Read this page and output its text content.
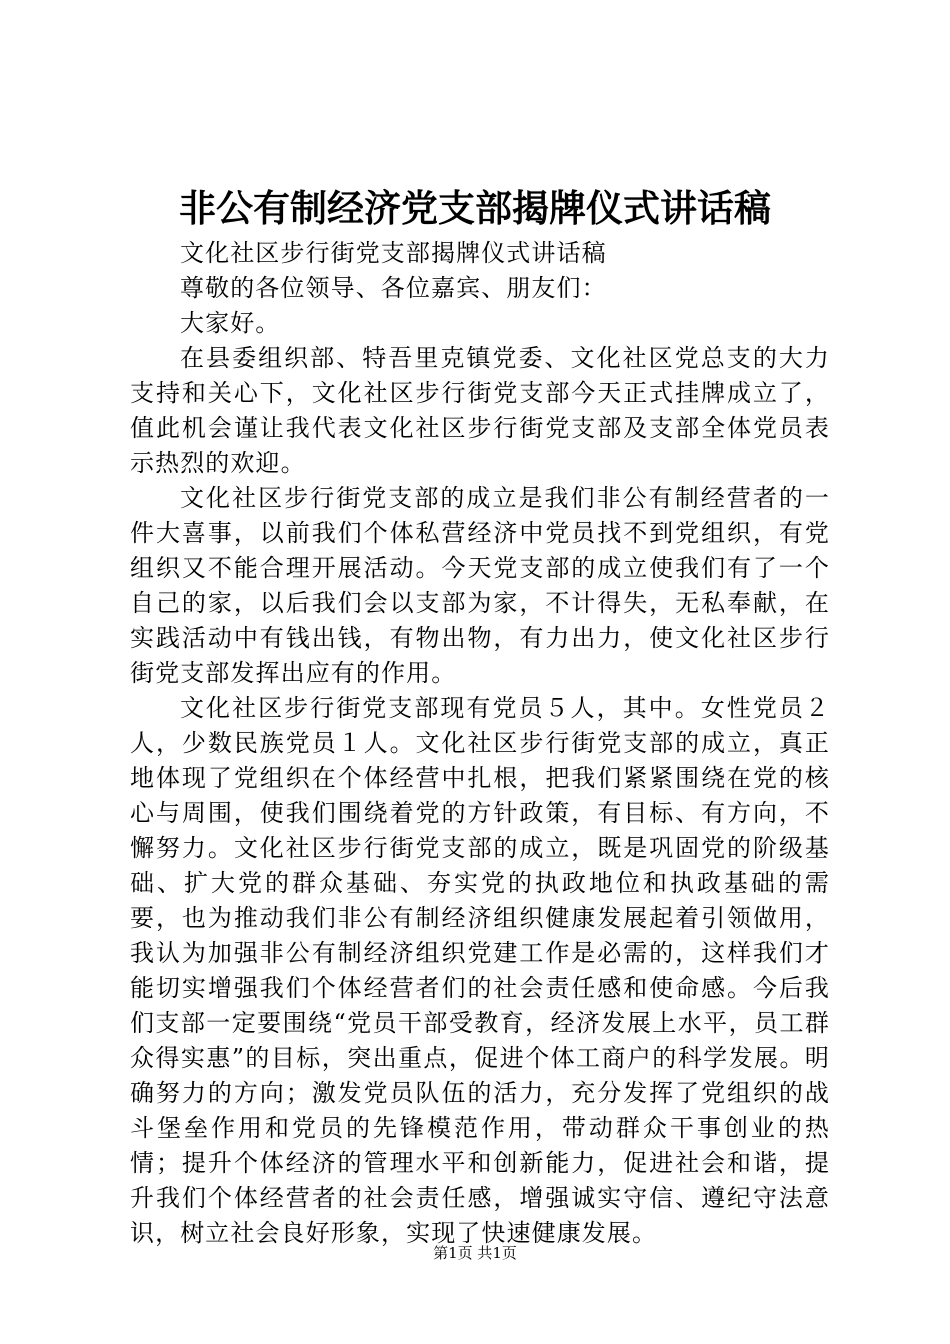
非公有制经济党支部揭牌仪式讲话稿

文化社区步行街党支部揭牌仪式讲话稿

尊敬的各位领导、各位嘉宾、朋友们：

大家好。

在县委组织部、特吾里克镇党委、文化社区党总支的大力支持和关心下，文化社区步行街党支部今天正式挂牌成立了，值此机会谨让我代表文化社区步行街党支部及支部全体党员表示热烈的欢迎。

文化社区步行街党支部的成立是我们非公有制经营者的一件大喜事，以前我们个体私营经济中党员找不到党组织，有党组织又不能合理开展活动。今天党支部的成立使我们有了一个自己的家，以后我们会以支部为家，不计得失，无私奉献，在实践活动中有钱出钱，有物出物，有力出力，使文化社区步行街党支部发挥出应有的作用。

文化社区步行街党支部现有党员５人，其中。女性党员２人，少数民族党员１人。文化社区步行街党支部的成立，真正地体现了党组织在个体经营中扎根，把我们紧紧围绕在党的核心与周围，使我们围绕着党的方针政策，有目标、有方向，不懈努力。文化社区步行街党支部的成立，既是巩固党的阶级基础、扩大党的群众基础、夯实党的执政地位和执政基础的需要，也为推动我们非公有制经济组织健康发展起着引领做用，我认为加强非公有制经济组织党建工作是必需的，这样我们才能切实增强我们个体经营者们的社会责任感和使命感。今后我们支部一定要围绕“党员干部受教育，经济发展上水平，员工群众得实惠”的目标，突出重点，促进个体工商户的科学发展。明确努力的方向；激发党员队伍的活力，充分发挥了党组织的战斗堡垒作用和党员的先锋模范作用，带动群众干事创业的热情；提升个体经济的管理水平和创新能力，促进社会和谐，提升我们个体经营者的社会责任感，增强诚实守信、遵纪守法意识，树立社会良好形象，实现了快速健康发展。

第1页 共1页
